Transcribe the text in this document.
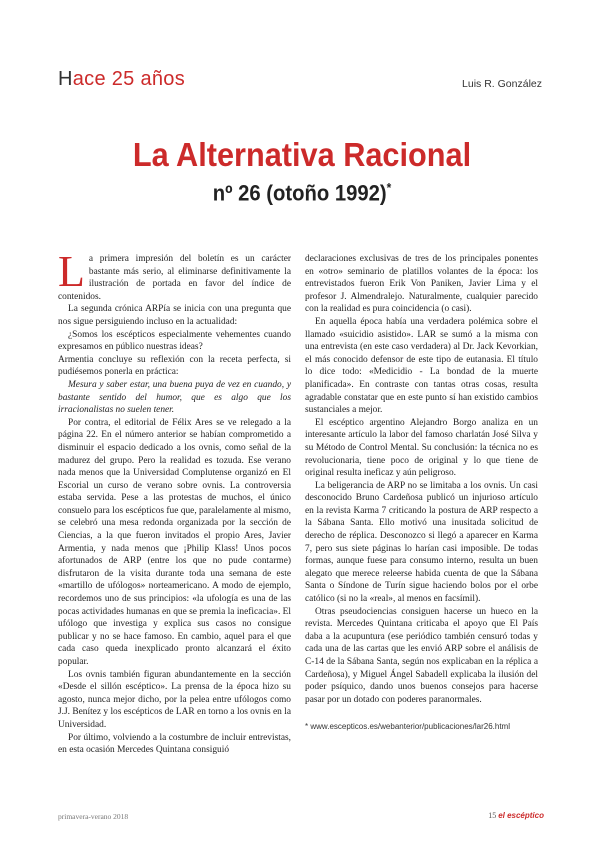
Hace 25 años	Luis R. González
La Alternativa Racional
nº 26 (otoño 1992)*

La primera impresión del boletín es un carácter bastante más serio, al eliminarse definitivamente la ilustración de portada en favor del índice de contenidos.

La segunda crónica ARPía se inicia con una pregunta que nos sigue persiguiendo incluso en la actualidad:

¿Somos los escépticos especialmente vehementes cuando expresamos en público nuestras ideas?

Armentia concluye su reflexión con la receta perfecta, si pudiésemos ponerla en práctica:

Mesura y saber estar, una buena puya de vez en cuando, y bastante sentido del humor, que es algo que los irracionalistas no suelen tener.

Por contra, el editorial de Félix Ares se ve relegado a la página 22. En el número anterior se habían comprometido a disminuir el espacio dedicado a los ovnis, como señal de la madurez del grupo. Pero la realidad es tozuda. Ese verano nada menos que la Universidad Complutense organizó en El Escorial un curso de verano sobre ovnis. La controversia estaba servida. Pese a las protestas de muchos, el único consuelo para los escépticos fue que, paralelamente al mismo, se celebró una mesa redonda organizada por la sección de Ciencias, a la que fueron invitados el propio Ares, Javier Armentia, y nada menos que ¡Philip Klass! Unos pocos afortunados de ARP (entre los que no pude contarme) disfrutaron de la visita durante toda una semana de este «martillo de ufólogos» norteamericano. A modo de ejemplo, recordemos uno de sus principios: «la ufología es una de las pocas actividades humanas en que se premia la ineficacia». El ufólogo que investiga y explica sus casos no consigue publicar y no se hace famoso. En cambio, aquel para el que cada caso queda inexplicado pronto alcanzará el éxito popular.

Los ovnis también figuran abundantemente en la sección «Desde el sillón escéptico». La prensa de la época hizo su agosto, nunca mejor dicho, por la pelea entre ufólogos como J.J. Benítez y los escépticos de LAR en torno a los ovnis en la Universidad.

Por último, volviendo a la costumbre de incluir entrevistas, en esta ocasión Mercedes Quintana consiguió

declaraciones exclusivas de tres de los principales ponentes en «otro» seminario de platillos volantes de la época: los entrevistados fueron Erik Von Paniken, Javier Lima y el profesor J. Almendralejo. Naturalmente, cualquier parecido con la realidad es pura coincidencia (o casi).

En aquella época había una verdadera polémica sobre el llamado «suicidio asistido». LAR se sumó a la misma con una entrevista (en este caso verdadera) al Dr. Jack Kevorkian, el más conocido defensor de este tipo de eutanasia. El título lo dice todo: «Medicidio - La bondad de la muerte planificada». En contraste con tantas otras cosas, resulta agradable constatar que en este punto sí han existido cambios sustanciales a mejor.

El escéptico argentino Alejandro Borgo analiza en un interesante artículo la labor del famoso charlatán José Silva y su Método de Control Mental. Su conclusión: la técnica no es revolucionaria, tiene poco de original y lo que tiene de original resulta ineficaz y aún peligroso.

La beligerancia de ARP no se limitaba a los ovnis. Un casi desconocido Bruno Cardeñosa publicó un injurioso artículo en la revista Karma 7 criticando la postura de ARP respecto a la Sábana Santa. Ello motivó una inusitada solicitud de derecho de réplica. Desconozco si llegó a aparecer en Karma 7, pero sus siete páginas lo harían casi imposible. De todas formas, aunque fuese para consumo interno, resulta un buen alegato que merece releerse habida cuenta de que la Sábana Santa o Síndone de Turín sigue haciendo bolos por el orbe católico (si no la «real», al menos en facsímil).

Otras pseudociencias consiguen hacerse un hueco en la revista. Mercedes Quintana criticaba el apoyo que El País daba a la acupuntura (ese periódico también censuró todas y cada una de las cartas que les envió ARP sobre el análisis de C-14 de la Sábana Santa, según nos explicaban en la réplica a Cardeñosa), y Miguel Ángel Sabadell explicaba la ilusión del poder psíquico, dando unos buenos consejos para hacerse pasar por un dotado con poderes paranormales.

* www.escepticos.es/webanterior/publicaciones/lar26.html
primavera-verano 2018	15 el escéptico
